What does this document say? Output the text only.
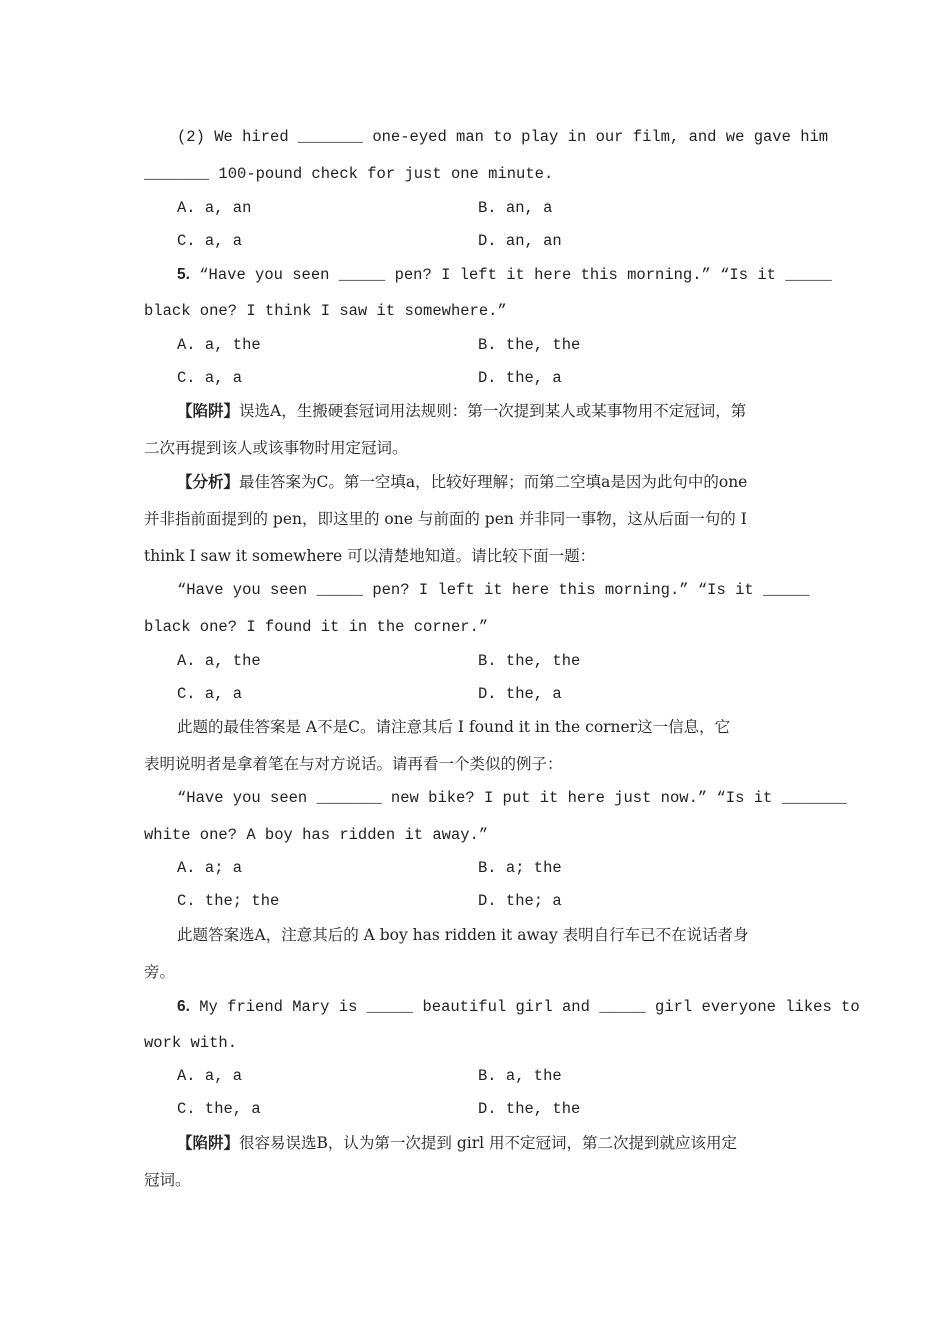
(2) We hired _______ one-eyed man to play in our film, and we gave him
_______ 100-pound check for just one minute.
A. a, an	B. an, a
C. a, a	D. an, an
5. “Have you seen _____ pen? I left it here this morning.” “Is it _____
black one? I think I saw it somewhere.”
A. a, the	B. the, the
C. a, a	D. the, a
【陷阱】误选A，生搬硬套冠词用法规则：第一次提到某人或某事物用不定冠词，第
二次再提到该人或该事物时用定冠词。
【分析】最佳答案为C。第一空填a，比较好理解；而第二空填a是因为此句中的one
并非指前面提到的 pen，即这里的 one 与前面的 pen 并非同一事物，这从后面一句的 I
think I saw it somewhere 可以清楚地知道。请比较下面一题：
“Have you seen _____ pen? I left it here this morning.” “Is it _____
black one? I found it in the corner.”
A. a, the	B. the, the
C. a, a	D. the, a
此题的最佳答案是 A不是C。请注意其后 I found it in the corner这一信息，它
表明说明者是拿着笔在与对方说话。请再看一个类似的例子：
“Have you seen _______ new bike? I put it here just now.” “Is it _______
white one? A boy has ridden it away.”
A. a; a	B. a; the
C. the; the	D. the; a
此题答案选A，注意其后的 A boy has ridden it away 表明自行车已不在说话者身
旁。
6. My friend Mary is _____ beautiful girl and _____ girl everyone likes to
work with.
A. a, a	B. a, the
C. the, a	D. the, the
【陷阱】很容易误选B，认为第一次提到 girl 用不定冠词，第二次提到就应该用定
冠词。
